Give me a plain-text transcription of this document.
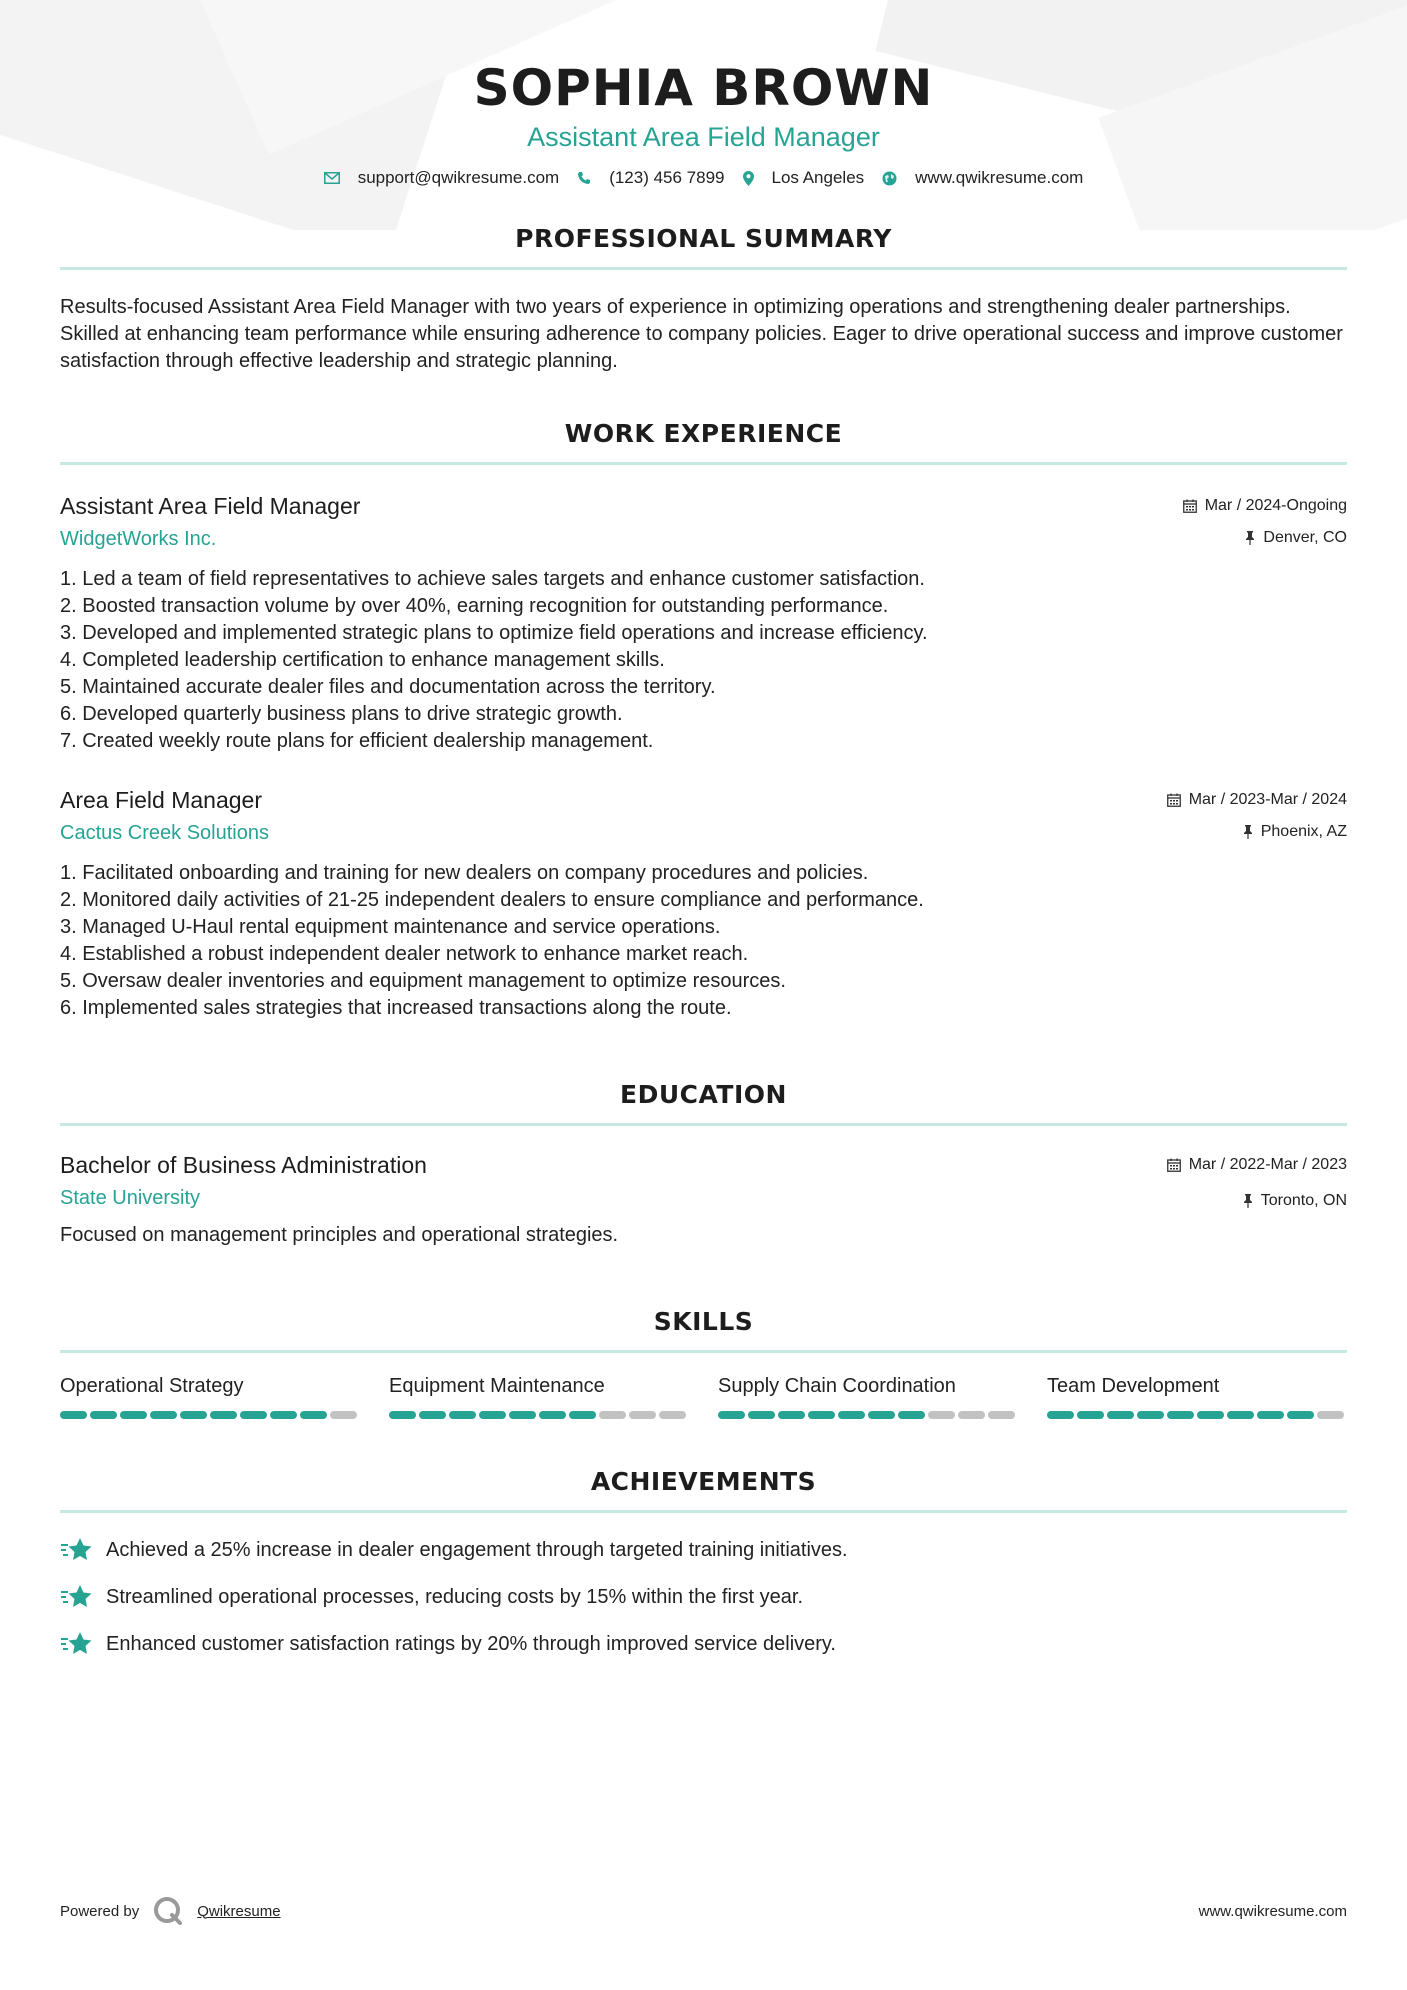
SOPHIA BROWN
Assistant Area Field Manager
support@qwikresume.com	(123) 456 7899	Los Angeles	www.qwikresume.com
PROFESSIONAL SUMMARY
Results-focused Assistant Area Field Manager with two years of experience in optimizing operations and strengthening dealer partnerships. Skilled at enhancing team performance while ensuring adherence to company policies. Eager to drive operational success and improve customer satisfaction through effective leadership and strategic planning.
WORK EXPERIENCE
Assistant Area Field Manager
WidgetWorks Inc.
Mar / 2024-Ongoing
Denver, CO
1. Led a team of field representatives to achieve sales targets and enhance customer satisfaction.
2. Boosted transaction volume by over 40%, earning recognition for outstanding performance.
3. Developed and implemented strategic plans to optimize field operations and increase efficiency.
4. Completed leadership certification to enhance management skills.
5. Maintained accurate dealer files and documentation across the territory.
6. Developed quarterly business plans to drive strategic growth.
7. Created weekly route plans for efficient dealership management.
Area Field Manager
Cactus Creek Solutions
Mar / 2023-Mar / 2024
Phoenix, AZ
1. Facilitated onboarding and training for new dealers on company procedures and policies.
2. Monitored daily activities of 21-25 independent dealers to ensure compliance and performance.
3. Managed U-Haul rental equipment maintenance and service operations.
4. Established a robust independent dealer network to enhance market reach.
5. Oversaw dealer inventories and equipment management to optimize resources.
6. Implemented sales strategies that increased transactions along the route.
EDUCATION
Bachelor of Business Administration
State University
Mar / 2022-Mar / 2023
Toronto, ON
Focused on management principles and operational strategies.
SKILLS
Operational Strategy	Equipment Maintenance	Supply Chain Coordination	Team Development
ACHIEVEMENTS
Achieved a 25% increase in dealer engagement through targeted training initiatives.
Streamlined operational processes, reducing costs by 15% within the first year.
Enhanced customer satisfaction ratings by 20% through improved service delivery.
Powered by	Qwikresume	www.qwikresume.com
